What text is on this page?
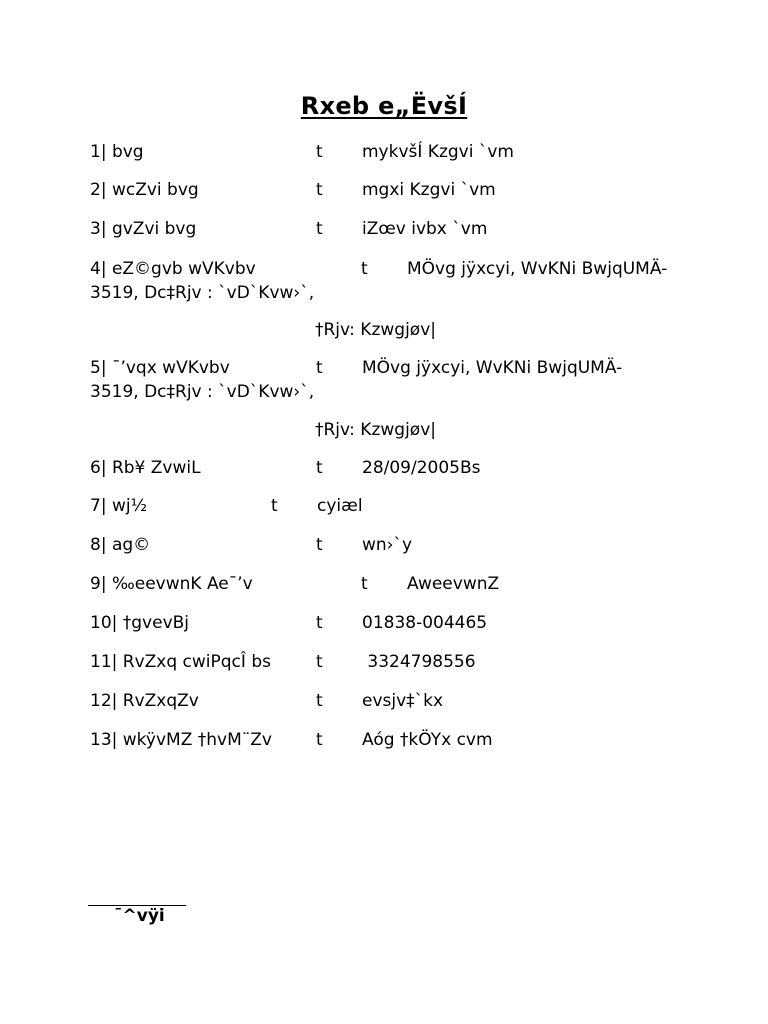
Rxeb e„ËvšÍ
1| bvg	t mykvšÍ Kzgvi `vm
2| wcZvi bvg	t mgxi Kzgvi `vm
3| gvZvi bvg	t iZœv ivbx `vm
4| eZ©gvb wVKvbv	t MÖvg jÿxcyi, WvKNi BwjqUMÄ-
3519, Dc‡Rjv : `vD`Kvw›`,
†Rjv: Kzwgjøv|
5| ¯’vqx wVKvbv	t MÖvg jÿxcyi, WvKNi BwjqUMÄ-
3519, Dc‡Rjv : `vD`Kvw›`,
†Rjv: Kzwgjøv|
6| Rb¥ ZvwiL	t 28/09/2005Bs
7| wj½	t cyiæl
8| ag©	t wn›`y
9| ‰eevwnK Ae¯’v	t AweevwnZ
10| †gvevBj	t 01838-004465
11| RvZxq cwiPqcÎ bs	t 3324798556
12| RvZxqZv	t evsjv‡`kx
13| wkÿvMZ †hvM¨Zv	t Aóg †kÖYx cvm
¯^vÿi
